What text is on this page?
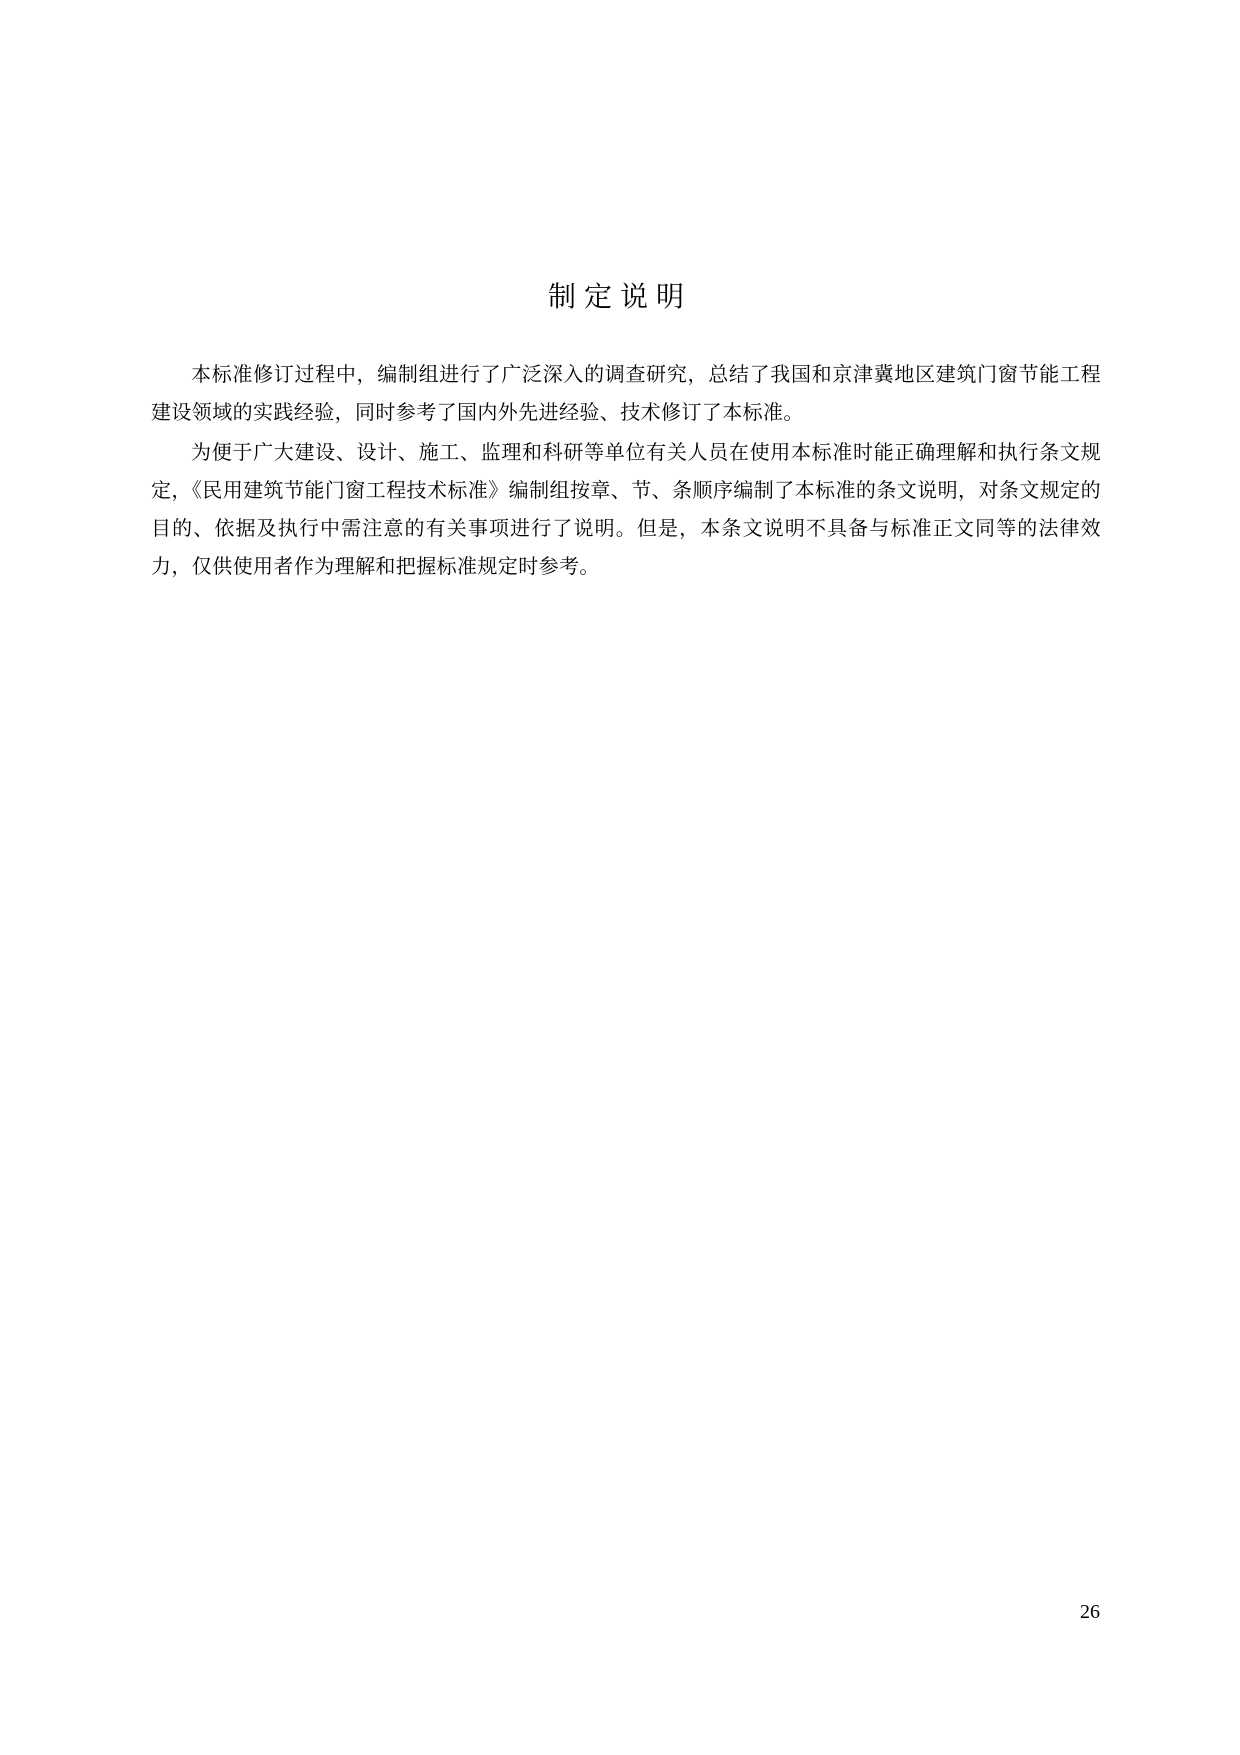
制定说明

本标准修订过程中，编制组进行了广泛深入的调查研究，总结了我国和京津冀地区建筑门窗节能工程建设领域的实践经验，同时参考了国内外先进经验、技术修订了本标准。

为便于广大建设、设计、施工、监理和科研等单位有关人员在使用本标准时能正确理解和执行条文规定，《民用建筑节能门窗工程技术标准》编制组按章、节、条顺序编制了本标准的条文说明，对条文规定的目的、依据及执行中需注意的有关事项进行了说明。但是，本条文说明不具备与标准正文同等的法律效力，仅供使用者作为理解和把握标准规定时参考。

26
